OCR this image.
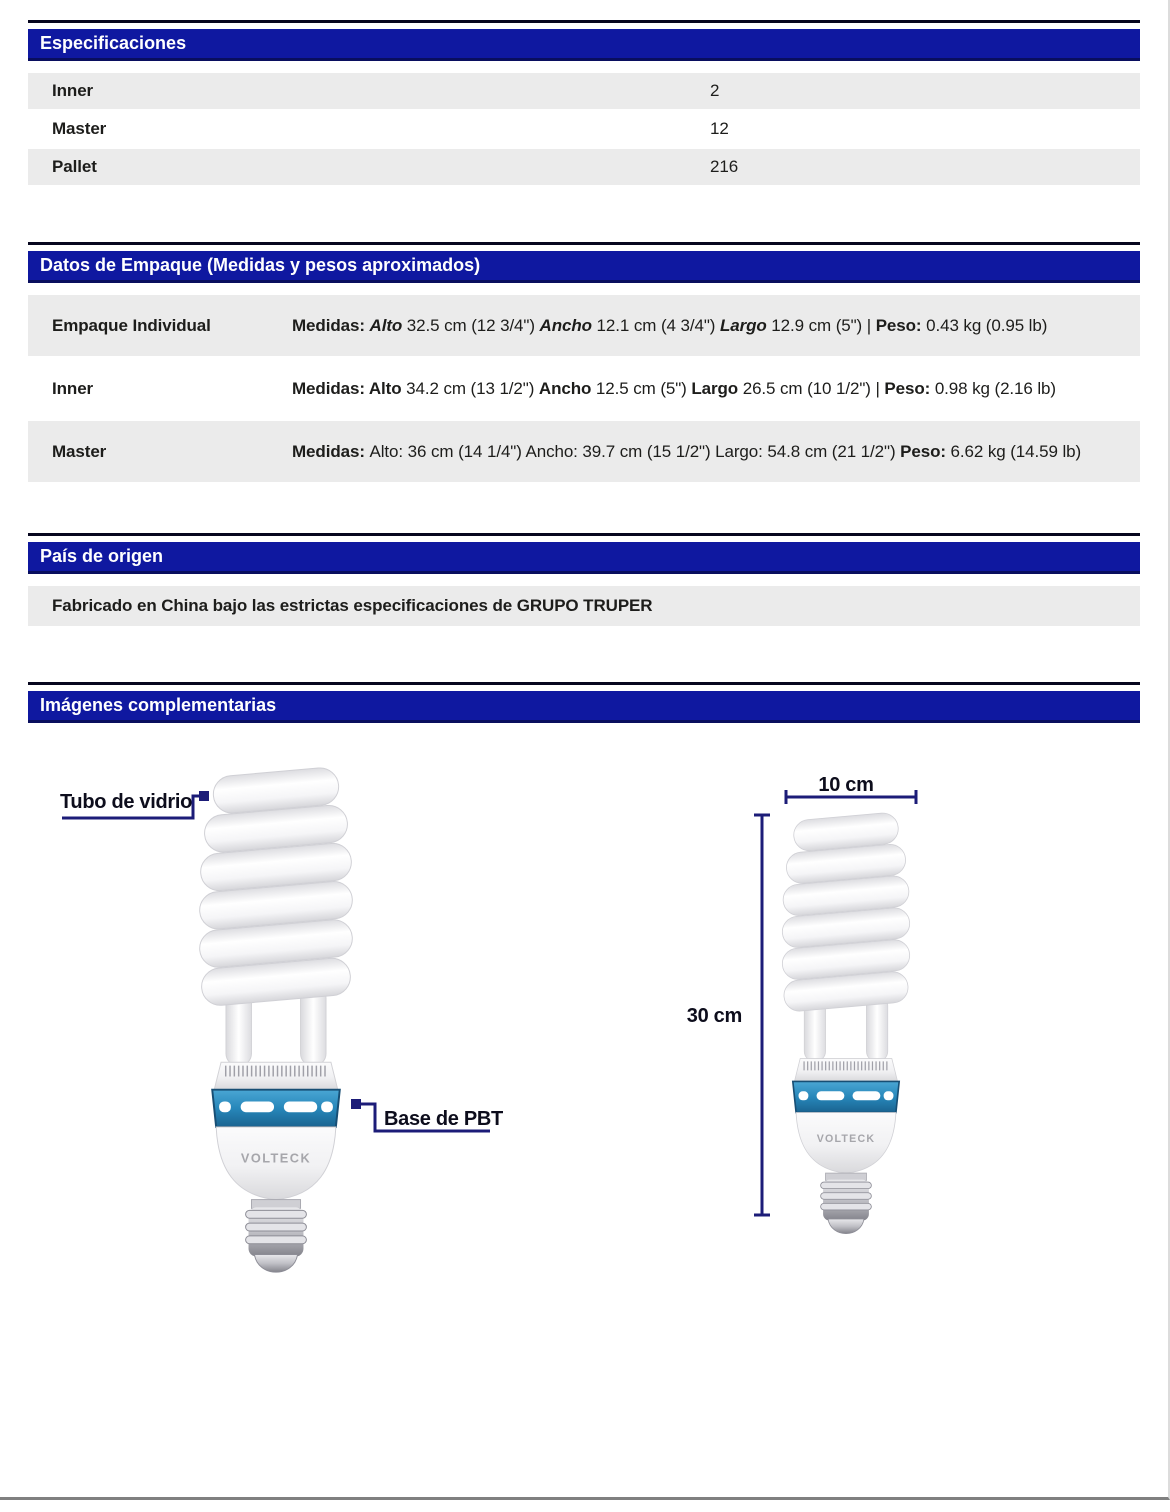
Especificaciones
Inner	2
Master	12
Pallet	216
Datos de Empaque (Medidas y pesos aproximados)
Empaque Individual	Medidas: Alto 32.5 cm (12 3/4") Ancho 12.1 cm (4 3/4") Largo 12.9 cm (5") | Peso: 0.43 kg (0.95 lb)
Inner	Medidas: Alto 34.2 cm (13 1/2") Ancho 12.5 cm (5") Largo 26.5 cm (10 1/2") | Peso: 0.98 kg (2.16 lb)
Master	Medidas: Alto: 36 cm (14 1/4") Ancho: 39.7 cm (15 1/2") Largo: 54.8 cm (21 1/2") Peso: 6.62 kg (14.59 lb)
País de origen
Fabricado en China bajo las estrictas especificaciones de GRUPO TRUPER
Imágenes complementarias
Tubo de vidrio
Base de PBT
10 cm
30 cm
